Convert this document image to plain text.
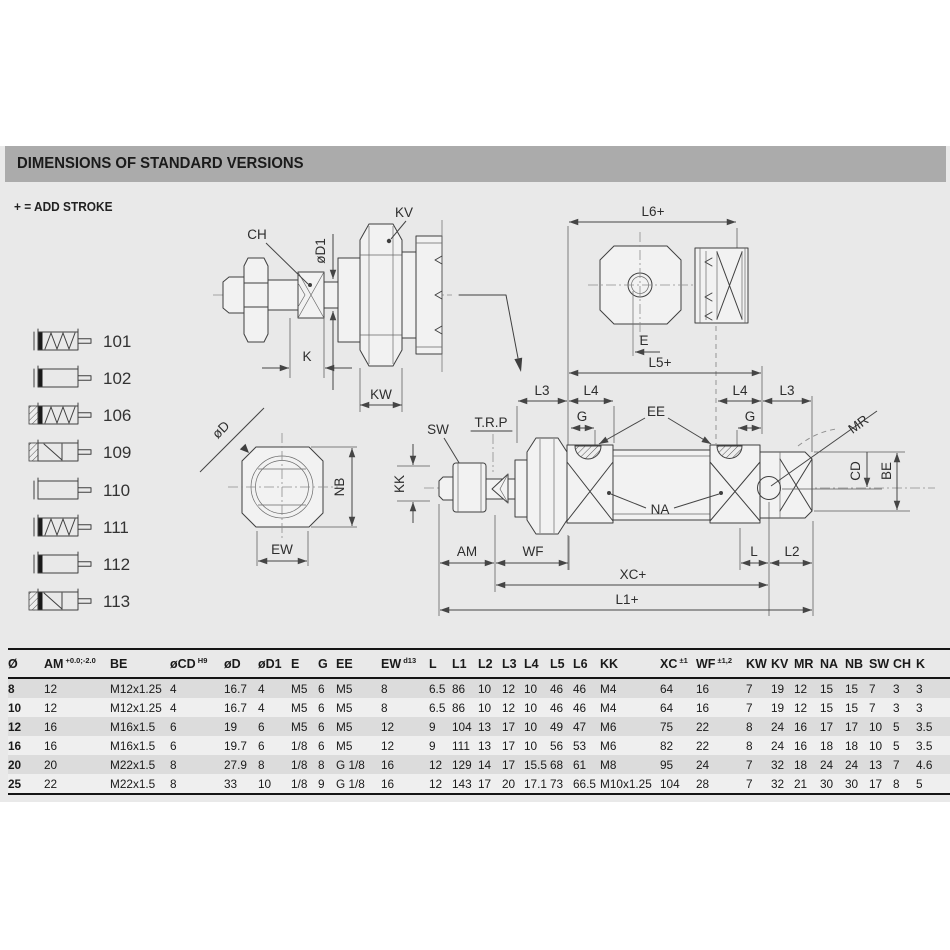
DIMENSIONS OF STANDARD VERSIONS
+ = ADD STROKE
101
102
106
109
110
111
112
113
CH
øD1
KV
K
KW
L6+
E
L5+
L3	L4	L4 L3
G	G
EE
T.R.P
SW
NA
MR
CD BE
KK
AM	WF	L L2
XC+
L1+
øD
NB
EW
Ø	AM $^{+0.0;-2.0}$	BE	øCD $^{H9}$	øD	øD1	E	G	EE	EW $^{d13}$	L	L1	L2	L3	L4	L5	L6	KK	XC $^{\pm 1}$	WF $^{\pm 1,2}$	KW	KV	MR	NA	NB	SW	CH	K
8	12	M12x1.25	4	16.7	4	M5	6	M5	8	6.5	86	10	12	10	46	46	M4	64	16	7	19	12	15	15	7	3	3
10	12	M12x1.25	4	16.7	4	M5	6	M5	8	6.5	86	10	12	10	46	46	M4	64	16	7	19	12	15	15	7	3	3
12	16	M16x1.5	6	19	6	M5	6	M5	12	9	104	13	17	10	49	47	M6	75	22	8	24	16	17	17	10	5	3.5
16	16	M16x1.5	6	19.7	6	1/8	6	M5	12	9	111	13	17	10	56	53	M6	82	22	8	24	16	18	18	10	5	3.5
20	20	M22x1.5	8	27.9	8	1/8	8	G 1/8	16	12	129	14	17	15.5	68	61	M8	95	24	7	32	18	24	24	13	7	4.6
25	22	M22x1.5	8	33	10	1/8	9	G 1/8	16	12	143	17	20	17.1	73	66.5	M10x1.25	104	28	7	32	21	30	30	17	8	5
